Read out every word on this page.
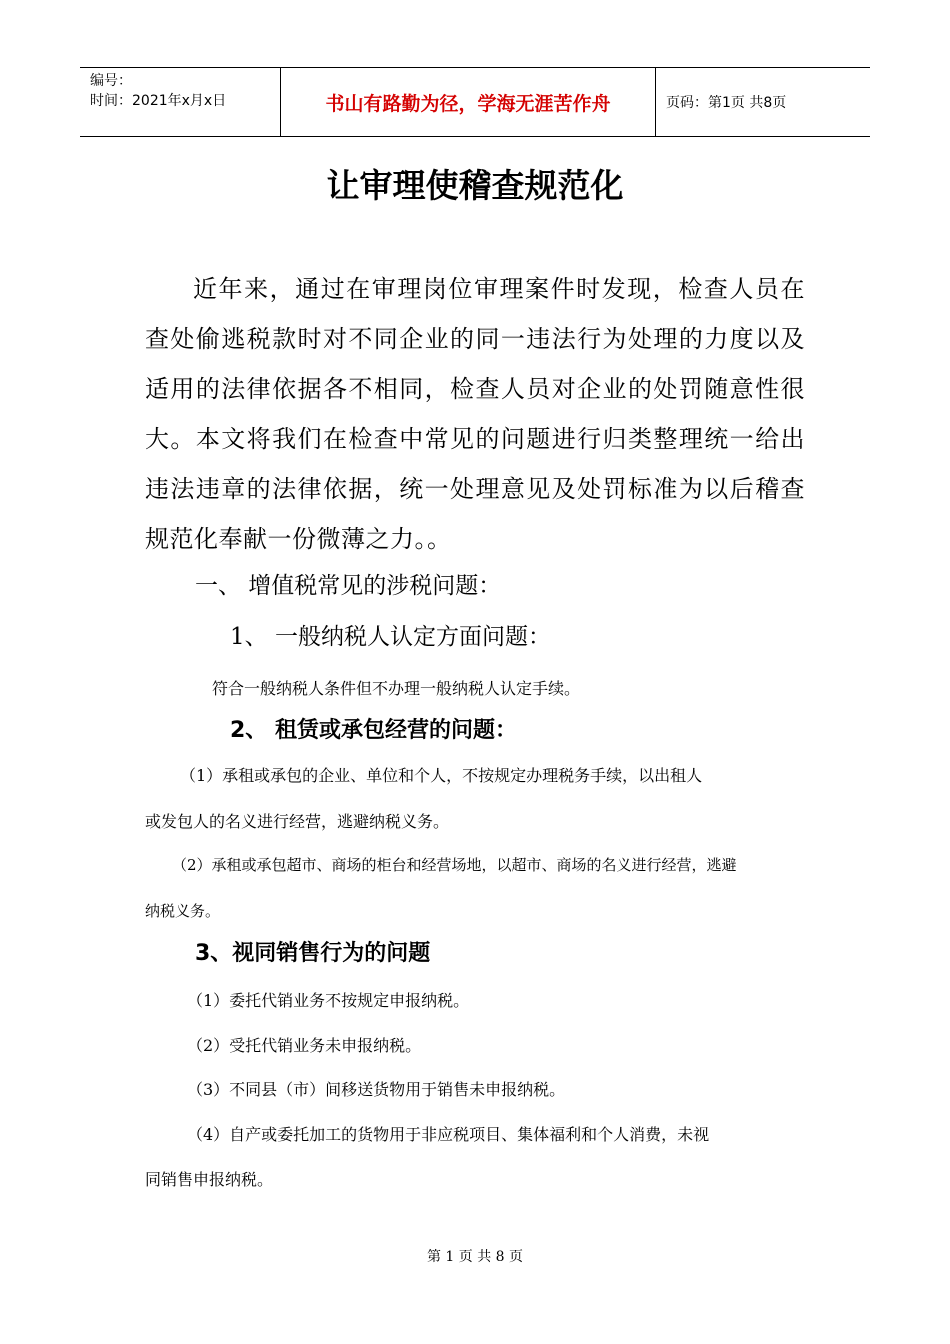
编号：
时间：2021年x月x日	书山有路勤为径，学海无涯苦作舟	页码：第1页 共8页
让审理使稽查规范化
近年来，通过在审理岗位审理案件时发现，检查人员在查处偷逃税款时对不同企业的同一违法行为处理的力度以及适用的法律依据各不相同，检查人员对企业的处罚随意性很大。本文将我们在检查中常见的问题进行归类整理统一给出违法违章的法律依据，统一处理意见及处罚标准为以后稽查规范化奉献一份微薄之力。。
一、 增值税常见的涉税问题：
1、 一般纳税人认定方面问题：
符合一般纳税人条件但不办理一般纳税人认定手续。
2、 租赁或承包经营的问题：
（1）承租或承包的企业、单位和个人，不按规定办理税务手续，以出租人
或发包人的名义进行经营，逃避纳税义务。
（2）承租或承包超市、商场的柜台和经营场地，以超市、商场的名义进行经营，逃避
纳税义务。
3、视同销售行为的问题
（1）委托代销业务不按规定申报纳税。
（2）受托代销业务未申报纳税。
（3）不同县（市）间移送货物用于销售未申报纳税。
（4）自产或委托加工的货物用于非应税项目、集体福利和个人消费，未视
同销售申报纳税。
第 1 页 共 8 页
